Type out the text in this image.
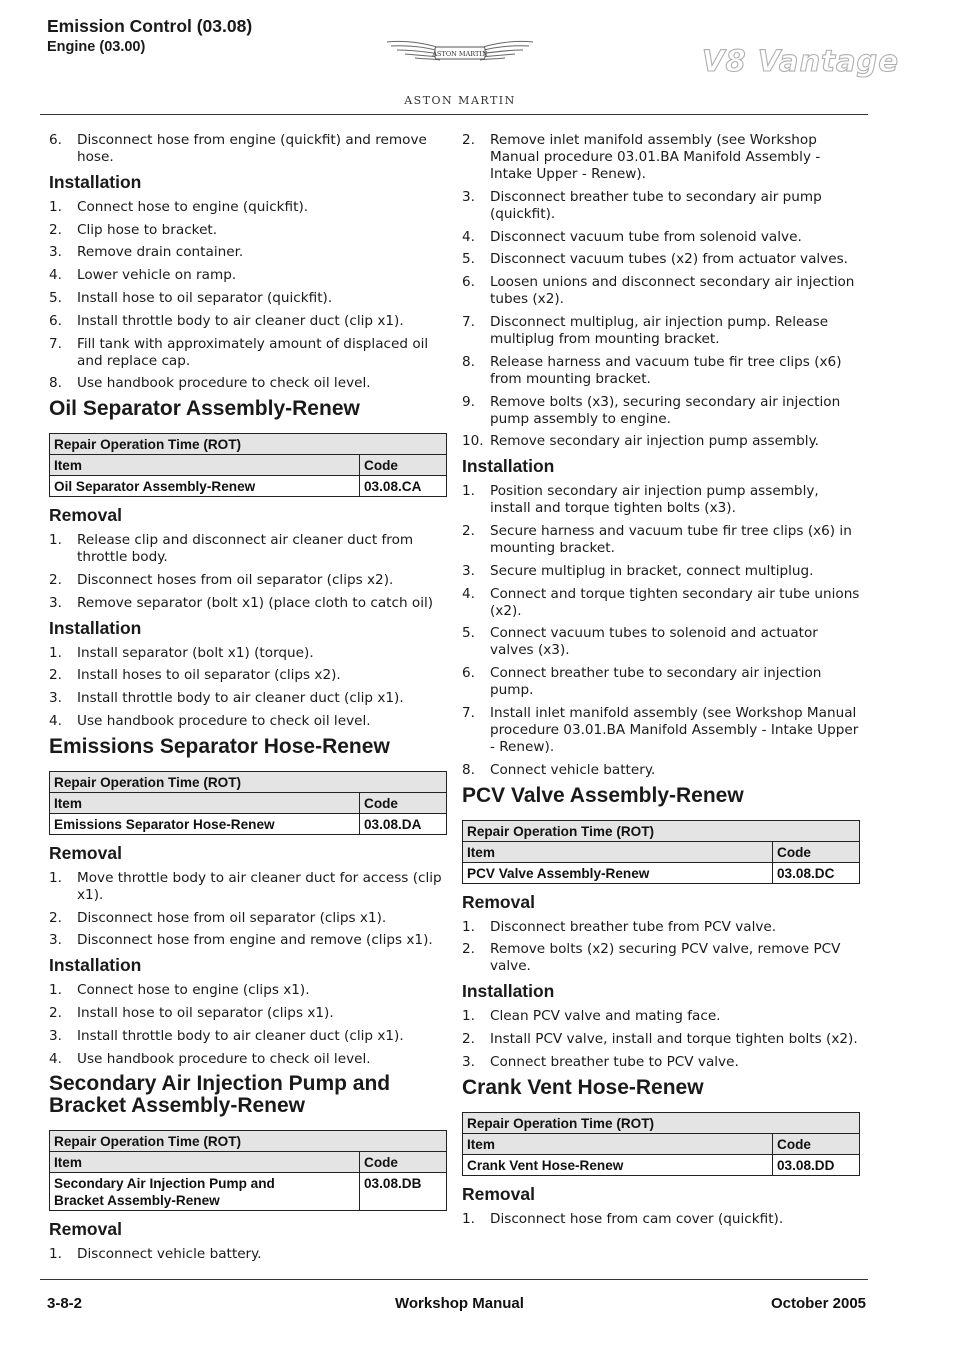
Emission Control (03.08)
Engine (03.00)	ASTON MARTIN
ASTON MARTIN
V8 Vantage
6. Disconnect hose from engine (quickfit) and remove hose.
Installation
1. Connect hose to engine (quickfit).
2. Clip hose to bracket.
3. Remove drain container.
4. Lower vehicle on ramp.
5. Install hose to oil separator (quickfit).
6. Install throttle body to air cleaner duct (clip x1).
7. Fill tank with approximately amount of displaced oil and replace cap.
8. Use handbook procedure to check oil level.
Oil Separator Assembly-Renew
Repair Operation Time (ROT)	
Item	Code
Oil Separator Assembly-Renew	03.08.CA
Removal
1. Release clip and disconnect air cleaner duct from throttle body.
2. Disconnect hoses from oil separator (clips x2).
3. Remove separator (bolt x1) (place cloth to catch oil)
Installation
1. Install separator (bolt x1) (torque).
2. Install hoses to oil separator (clips x2).
3. Install throttle body to air cleaner duct (clip x1).
4. Use handbook procedure to check oil level.
Emissions Separator Hose-Renew
Repair Operation Time (ROT)	
Item	Code
Emissions Separator Hose-Renew	03.08.DA
Removal
1. Move throttle body to air cleaner duct for access (clip x1).
2. Disconnect hose from oil separator (clips x1).
3. Disconnect hose from engine and remove (clips x1).
Installation
1. Connect hose to engine (clips x1).
2. Install hose to oil separator (clips x1).
3. Install throttle body to air cleaner duct (clip x1).
4. Use handbook procedure to check oil level.
Secondary Air Injection Pump and Bracket Assembly-Renew
Repair Operation Time (ROT)	
Item	Code
Secondary Air Injection Pump and Bracket Assembly-Renew	03.08.DB
Removal
1. Disconnect vehicle battery.
2. Remove inlet manifold assembly (see Workshop Manual procedure 03.01.BA Manifold Assembly - Intake Upper - Renew).
3. Disconnect breather tube to secondary air pump (quickfit).
4. Disconnect vacuum tube from solenoid valve.
5. Disconnect vacuum tubes (x2) from actuator valves.
6. Loosen unions and disconnect secondary air injection tubes (x2).
7. Disconnect multiplug, air injection pump. Release multiplug from mounting bracket.
8. Release harness and vacuum tube fir tree clips (x6) from mounting bracket.
9. Remove bolts (x3), securing secondary air injection pump assembly to engine.
10. Remove secondary air injection pump assembly.
Installation
1. Position secondary air injection pump assembly, install and torque tighten bolts (x3).
2. Secure harness and vacuum tube fir tree clips (x6) in mounting bracket.
3. Secure multiplug in bracket, connect multiplug.
4. Connect and torque tighten secondary air tube unions (x2).
5. Connect vacuum tubes to solenoid and actuator valves (x3).
6. Connect breather tube to secondary air injection pump.
7. Install inlet manifold assembly (see Workshop Manual procedure 03.01.BA Manifold Assembly - Intake Upper - Renew).
8. Connect vehicle battery.
PCV Valve Assembly-Renew
Repair Operation Time (ROT)	
Item	Code
PCV Valve Assembly-Renew	03.08.DC
Removal
1. Disconnect breather tube from PCV valve.
2. Remove bolts (x2) securing PCV valve, remove PCV valve.
Installation
1. Clean PCV valve and mating face.
2. Install PCV valve, install and torque tighten bolts (x2).
3. Connect breather tube to PCV valve.
Crank Vent Hose-Renew
Repair Operation Time (ROT)	
Item	Code
Crank Vent Hose-Renew	03.08.DD
Removal
1. Disconnect hose from cam cover (quickfit).
3-8-2	Workshop Manual	October 2005
